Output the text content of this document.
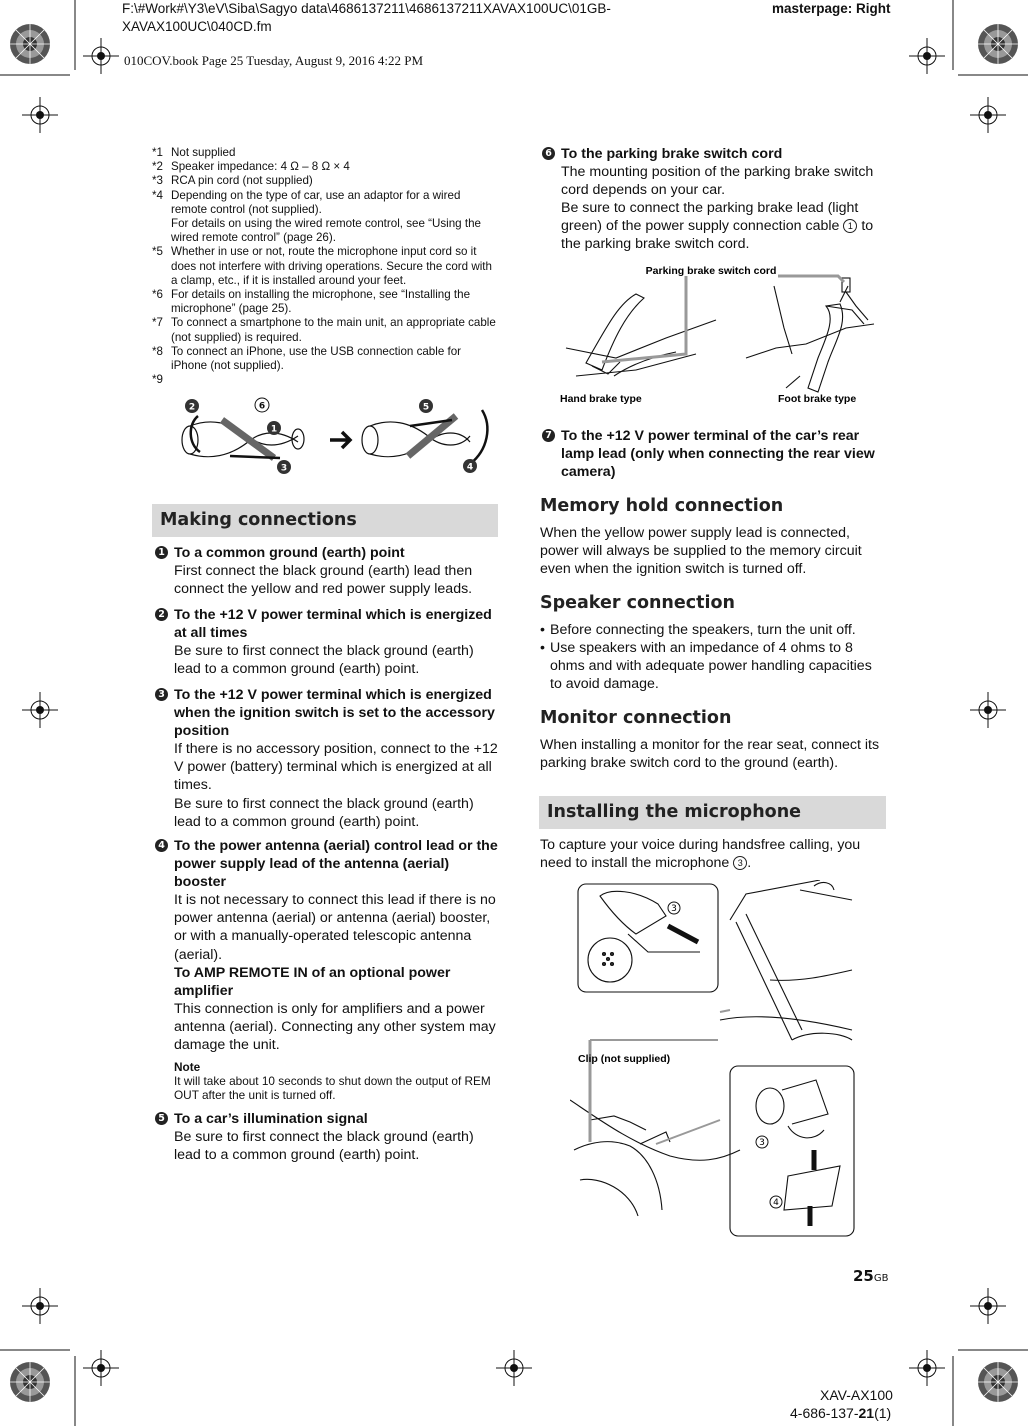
F:\#Work#\Y3\eV\Siba\Sagyo data\4686137211\4686137211XAVAX100UC\01GB-
XAVAX100UC\040CD.fm
masterpage: Right
010COV.book Page 25 Tuesday, August 9, 2016 4:22 PM
*1 Not supplied
*2 Speaker impedance: 4 Ω – 8 Ω × 4
*3 RCA pin cord (not supplied)
*4 Depending on the type of car, use an adaptor for a wired remote control (not supplied).
For details on using the wired remote control, see “Using the wired remote control” (page 26).
*5 Whether in use or not, route the microphone input cord so it does not interfere with driving operations. Secure the cord with a clamp, etc., if it is installed around your feet.
*6 For details on installing the microphone, see “Installing the microphone” (page 25).
*7 To connect a smartphone to the main unit, an appropriate cable (not supplied) is required.
*8 To connect an iPhone, use the USB connection cable for iPhone (not supplied).
*9
2	6
1
3
5
4
Making connections
1 To a common ground (earth) point
First connect the black ground (earth) lead then connect the yellow and red power supply leads.
2 To the +12 V power terminal which is energized at all times
Be sure to first connect the black ground (earth) lead to a common ground (earth) point.
3 To the +12 V power terminal which is energized when the ignition switch is set to the accessory position
If there is no accessory position, connect to the +12 V power (battery) terminal which is energized at all times.
Be sure to first connect the black ground (earth) lead to a common ground (earth) point.
4 To the power antenna (aerial) control lead or the power supply lead of the antenna (aerial) booster
It is not necessary to connect this lead if there is no power antenna (aerial) or antenna (aerial) booster, or with a manually-operated telescopic antenna (aerial).
To AMP REMOTE IN of an optional power amplifier
This connection is only for amplifiers and a power antenna (aerial). Connecting any other system may damage the unit.
Note
It will take about 10 seconds to shut down the output of REM OUT after the unit is turned off.
5 To a car’s illumination signal
Be sure to first connect the black ground (earth) lead to a common ground (earth) point.
6 To the parking brake switch cord
The mounting position of the parking brake switch cord depends on your car.
Be sure to connect the parking brake lead (light green) of the power supply connection cable 1 to the parking brake switch cord.
Parking brake switch cord
Hand brake type	Foot brake type
7 To the +12 V power terminal of the car’s rear lamp lead (only when connecting the rear view camera)
Memory hold connection
When the yellow power supply lead is connected, power will always be supplied to the memory circuit even when the ignition switch is turned off.
Speaker connection
• Before connecting the speakers, turn the unit off.
• Use speakers with an impedance of 4 ohms to 8 ohms and with adequate power handling capacities to avoid damage.
Monitor connection
When installing a monitor for the rear seat, connect its parking brake switch cord to the ground (earth).
Installing the microphone
To capture your voice during handsfree calling, you need to install the microphone 3 .
Clip (not supplied)
3
3
4
25GB
XAV-AX100
4-686-137-21(1)
